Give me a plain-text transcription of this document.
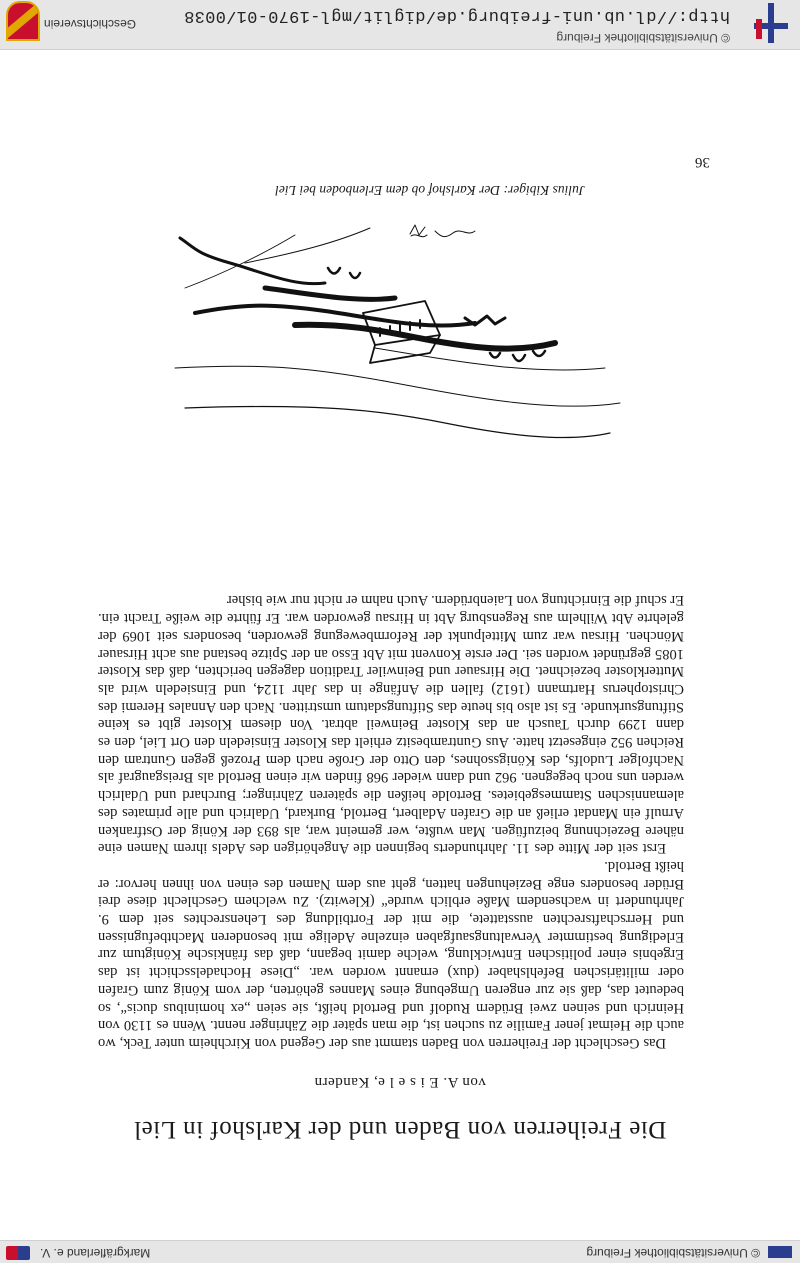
© Universitätsbibliothek Freiburg
Markgräflerland e. V.
Die Freiherren von Baden und der Karlshof in Liel
von A. E i s e l e, Kandern

Das Geschlecht der Freiherren von Baden stammt aus der Gegend von Kirchheim unter Teck, wo auch die Heimat jener Familie zu suchen ist, die man später die Zähringer nennt. Wenn es 1130 von Heinrich und seinen zwei Brüdern Rudolf und Bertold heißt, sie seien „ex hominibus ducis“, so bedeutet das, daß sie zur engeren Umgebung eines Mannes gehörten, der vom König zum Grafen oder militärischen Befehlshaber (dux) ernannt worden war. „Diese Hochadelsschicht ist das Ergebnis einer politischen Entwicklung, welche damit begann, daß das fränkische Königtum zur Erledigung bestimmter Verwaltungsaufgaben einzelne Adelige mit besonderen Machtbefugnissen und Herrschaftsrechten ausstattete, die mit der Fortbildung des Lehensrechtes seit dem 9. Jahrhundert in wachsendem Maße erblich wurde“ (Klewitz). Zu welchem Geschlecht diese drei Brüder besonders enge Beziehungen hatten, geht aus dem Namen des einen von ihnen hervor: er heißt Bertold.

Erst seit der Mitte des 11. Jahrhunderts beginnen die Angehörigen des Adels ihrem Namen eine nähere Bezeichnung beizufügen. Man wußte, wer gemeint war, als 893 der König der Ostfranken Arnulf ein Mandat erließ an die Grafen Adalbert, Bertold, Burkard, Udalrich und alle primates des alemannischen Stammesgebietes. Bertolde heißen die späteren Zähringer; Burchard und Udalrich werden uns noch begegnen. 962 und dann wieder 968 finden wir einen Bertold als Breisgaugraf als Nachfolger Ludolfs, des Königssohnes, den Otto der Große nach dem Prozeß gegen Guntram den Reichen 952 eingesetzt hatte. Aus Guntrambesitz erhielt das Kloster Einsiedeln den Ort Liel, den es dann 1299 durch Tausch an das Kloster Beinweil abtrat. Von diesem Kloster gibt es keine Stiftungsurkunde. Es ist also bis heute das Stiftungsdatum umstritten. Nach den Annales Heremi des Christopherus Hartmann (1612) fallen die Anfänge in das Jahr 1124, und Einsiedeln wird als Mutterkloster bezeichnet. Die Hirsauer und Beinwiler Tradition dagegen berichten, daß das Kloster 1085 gegründet worden sei. Der erste Konvent mit Abt Esso an der Spitze bestand aus acht Hirsauer Mönchen. Hirsau war zum Mittelpunkt der Reformbewegung geworden, besonders seit 1069 der gelehrte Abt Wilhelm aus Regensburg Abt in Hirsau geworden war. Er führte die weiße Tracht ein. Er schuf die Einrichtung von Laienbrüdern. Auch nahm er nicht nur wie bisher

Julius Kibiger: Der Karlshof ob dem Erlenboden bei Liel
36
© Universitätsbibliothek Freiburg
http://dl.ub.uni-freiburg.de/diglit/mgl-1970-01/0038
Geschichtsverein
